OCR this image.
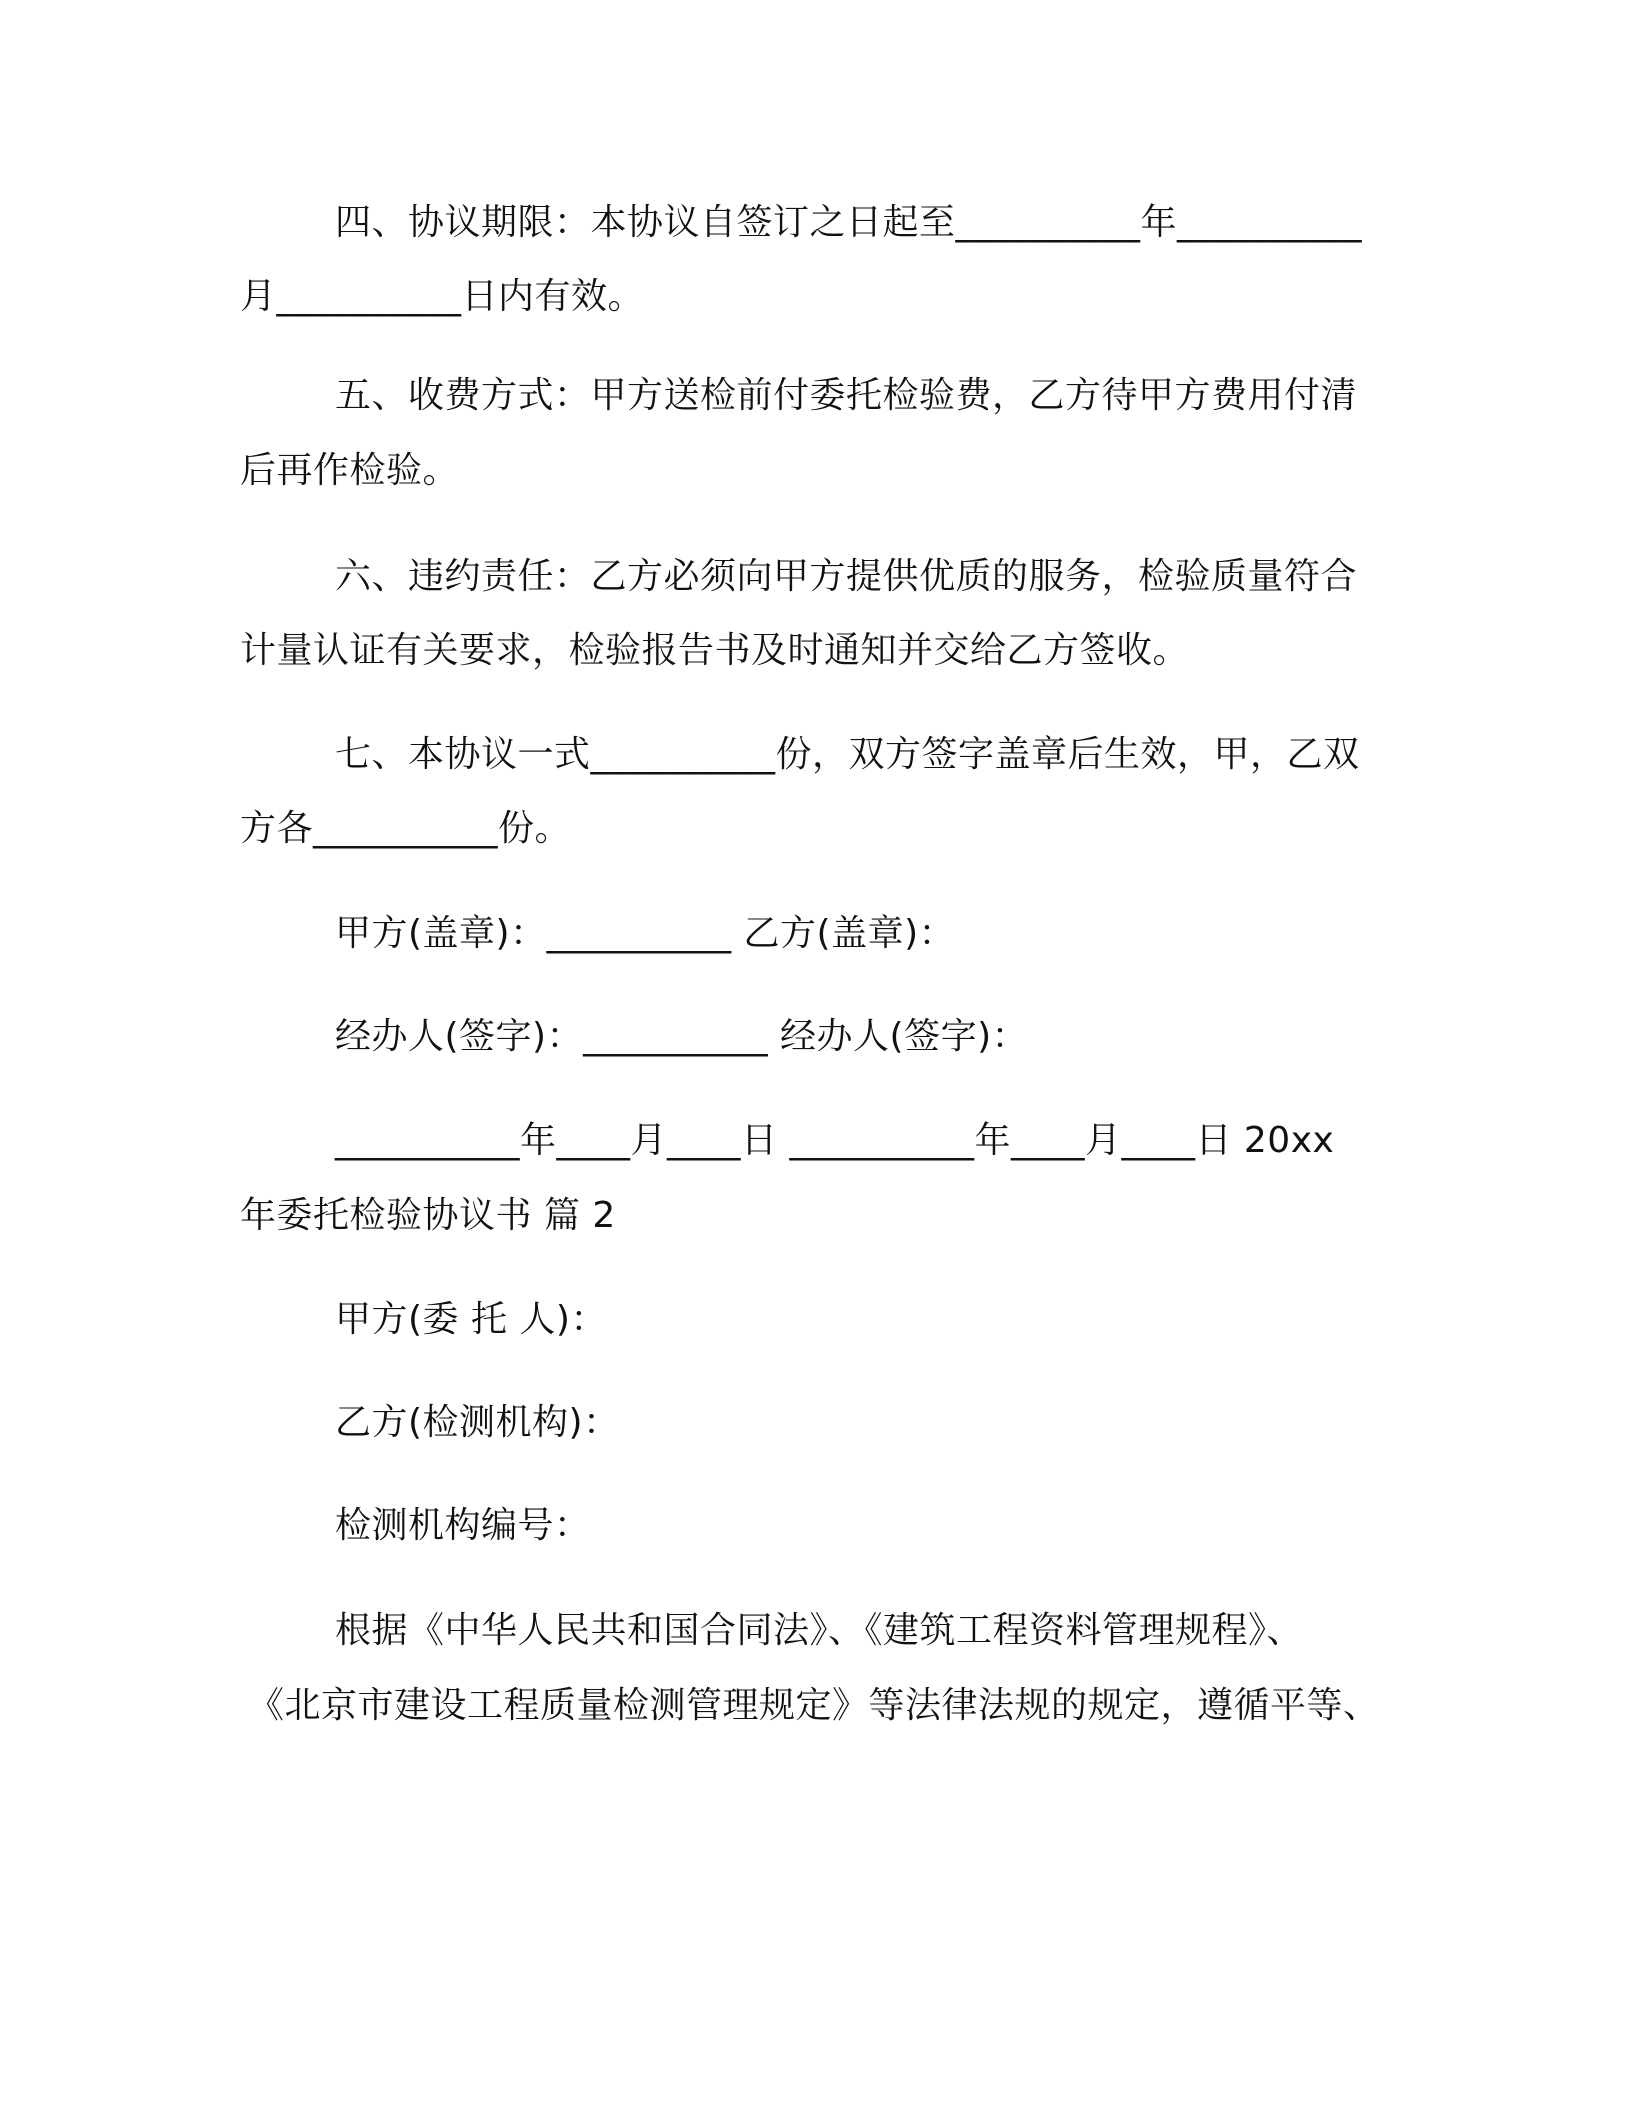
四、协议期限：本协议自签订之日起至__________年__________
月__________日内有效。
五、收费方式：甲方送检前付委托检验费，乙方待甲方费用付清
后再作检验。
六、违约责任：乙方必须向甲方提供优质的服务，检验质量符合
计量认证有关要求，检验报告书及时通知并交给乙方签收。
七、本协议一式__________份，双方签字盖章后生效，甲，乙双
方各__________份。
甲方(盖章)：__________ 乙方(盖章)：
经办人(签字)：__________ 经办人(签字)：
__________年____月____日 __________年____月____日 20xx
年委托检验协议书 篇 2
甲方(委 托 人)：
乙方(检测机构)：
检测机构编号：
根据《中华人民共和国合同法》、《建筑工程资料管理规程》、
《北京市建设工程质量检测管理规定》等法律法规的规定，遵循平等、
